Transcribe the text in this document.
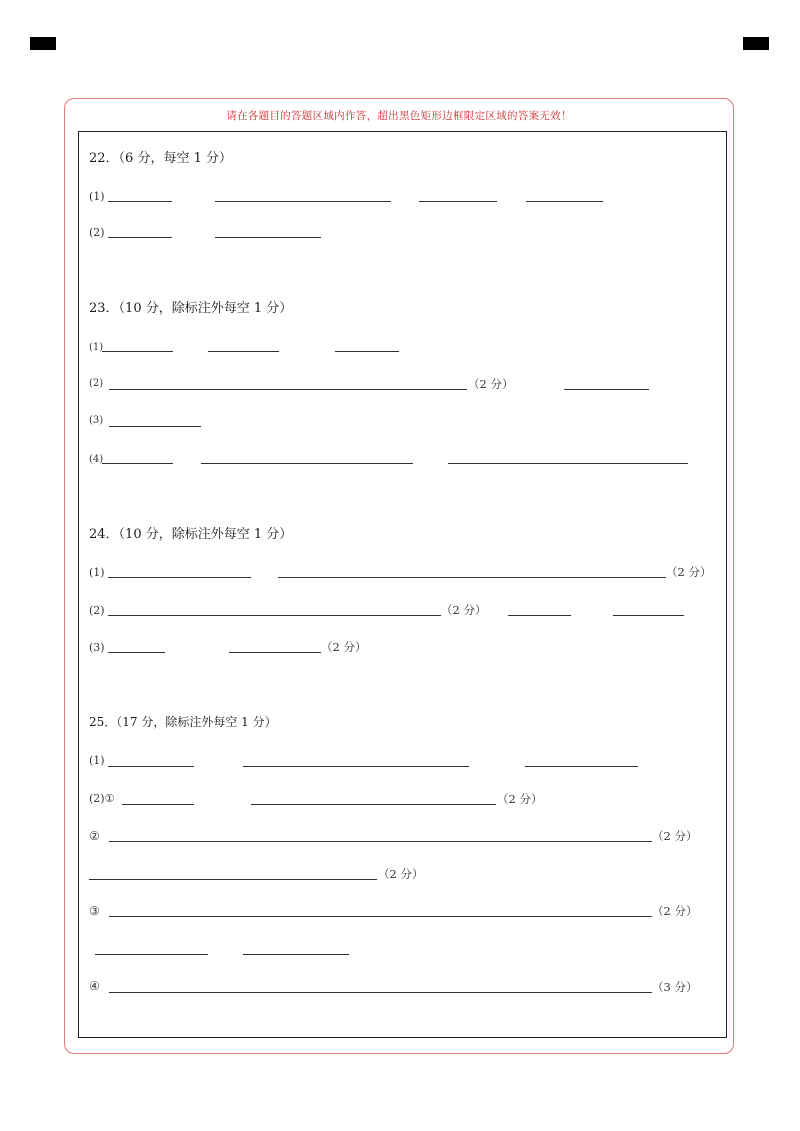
请在各题目的答题区域内作答，超出黑色矩形边框限定区域的答案无效！
22．（6 分，每空 1 分）
(1)
(2)
23．（10 分，除标注外每空 1 分）
(1)
(2)	（2 分）
(3)
(4)
24．（10 分，除标注外每空 1 分）
(1)	（2 分）
(2)	（2 分）
(3)	（2 分）
25．（17 分，除标注外每空 1 分）
(1)
(2)①	（2 分）
②	（2 分）
（2 分）
③	（2 分）
④	（3 分）
